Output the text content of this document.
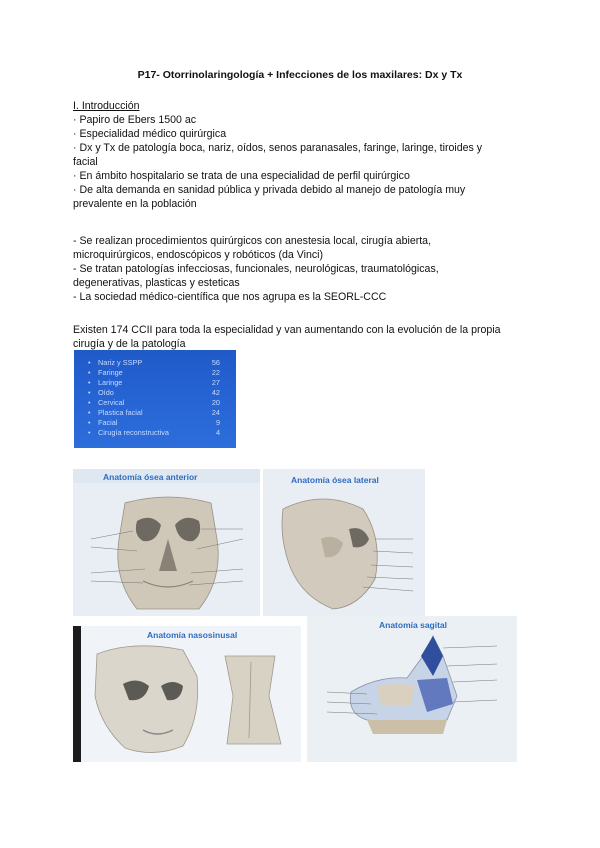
P17- Otorrinolaringología + Infecciones de los maxilares: Dx y Tx
I. Introducción
· Papiro de Ebers 1500 ac
· Especialidad médico quirúrgica
· Dx y Tx de patología boca, nariz, oídos, senos paranasales, faringe, laringe, tiroides y
facial
· En ámbito hospitalario se trata de una especialidad de perfil quirúrgico
· De alta demanda en sanidad pública y privada debido al manejo de patología muy
prevalente en la población
- Se realizan procedimientos quirúrgicos con anestesia local, cirugía abierta,
microquirúrgicos, endoscópicos y robóticos (da Vinci)
- Se tratan patologías infecciosas, funcionales, neurológicas, traumatológicas,
degenerativas, plasticas y esteticas
- La sociedad médico-científica que nos agrupa es la SEORL-CCC
Existen 174 CCII para toda la especialidad y van aumentando con la evolución de la propia
cirugía y de la patología
• Nariz y SSPP	56
• Faringe	22
• Laringe	27
• Oído	42
• Cervical	20
• Plastica facial	24
• Facial	9
• Cirugía reconstructiva	4
Anatomía ósea anterior	Anatomía ósea lateral
Anatomía nasosinusal
Anatomía sagital
